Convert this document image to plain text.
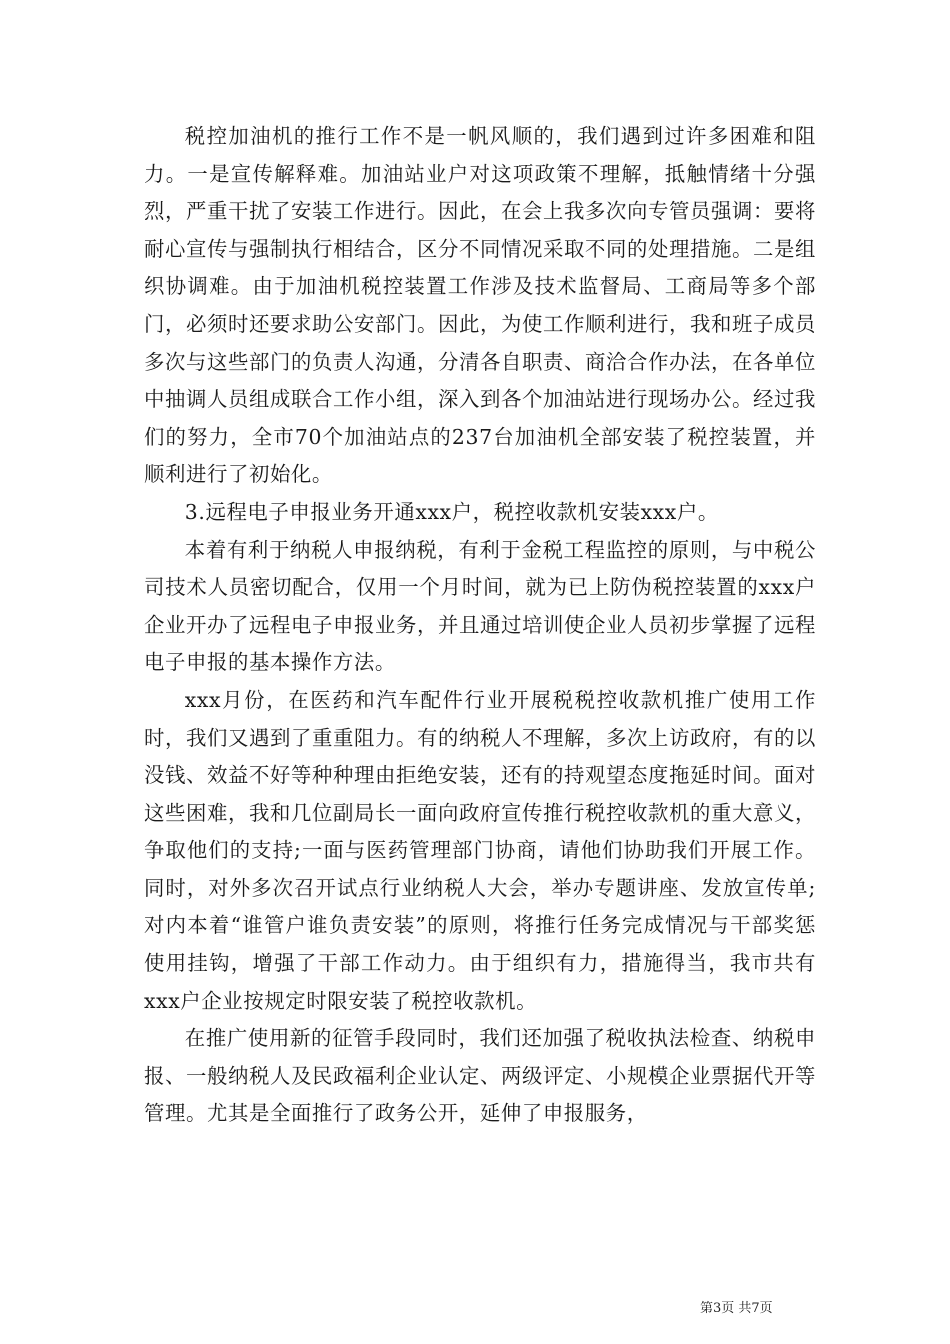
税控加油机的推行工作不是一帆风顺的，我们遇到过许多困难和阻力。一是宣传解释难。加油站业户对这项政策不理解，抵触情绪十分强烈，严重干扰了安装工作进行。因此，在会上我多次向专管员强调：要将耐心宣传与强制执行相结合，区分不同情况采取不同的处理措施。二是组织协调难。由于加油机税控装置工作涉及技术监督局、工商局等多个部门，必须时还要求助公安部门。因此，为使工作顺利进行，我和班子成员多次与这些部门的负责人沟通，分清各自职责、商洽合作办法，在各单位中抽调人员组成联合工作小组，深入到各个加油站进行现场办公。经过我们的努力，全市70个加油站点的237台加油机全部安装了税控装置，并顺利进行了初始化。

3.远程电子申报业务开通xxx户，税控收款机安装xxx户。

本着有利于纳税人申报纳税，有利于金税工程监控的原则，与中税公司技术人员密切配合，仅用一个月时间，就为已上防伪税控装置的xxx户企业开办了远程电子申报业务，并且通过培训使企业人员初步掌握了远程电子申报的基本操作方法。

xxx月份，在医药和汽车配件行业开展税税控收款机推广使用工作时，我们又遇到了重重阻力。有的纳税人不理解，多次上访政府，有的以没钱、效益不好等种种理由拒绝安装，还有的持观望态度拖延时间。面对这些困难，我和几位副局长一面向政府宣传推行税控收款机的重大意义，争取他们的支持;一面与医药管理部门协商，请他们协助我们开展工作。同时，对外多次召开试点行业纳税人大会，举办专题讲座、发放宣传单;对内本着“谁管户谁负责安装”的原则，将推行任务完成情况与干部奖惩使用挂钩，增强了干部工作动力。由于组织有力，措施得当，我市共有xxx户企业按规定时限安装了税控收款机。

在推广使用新的征管手段同时，我们还加强了税收执法检查、纳税申报、一般纳税人及民政福利企业认定、两级评定、小规模企业票据代开等管理。尤其是全面推行了政务公开，延伸了申报服务，

第3页 共7页
